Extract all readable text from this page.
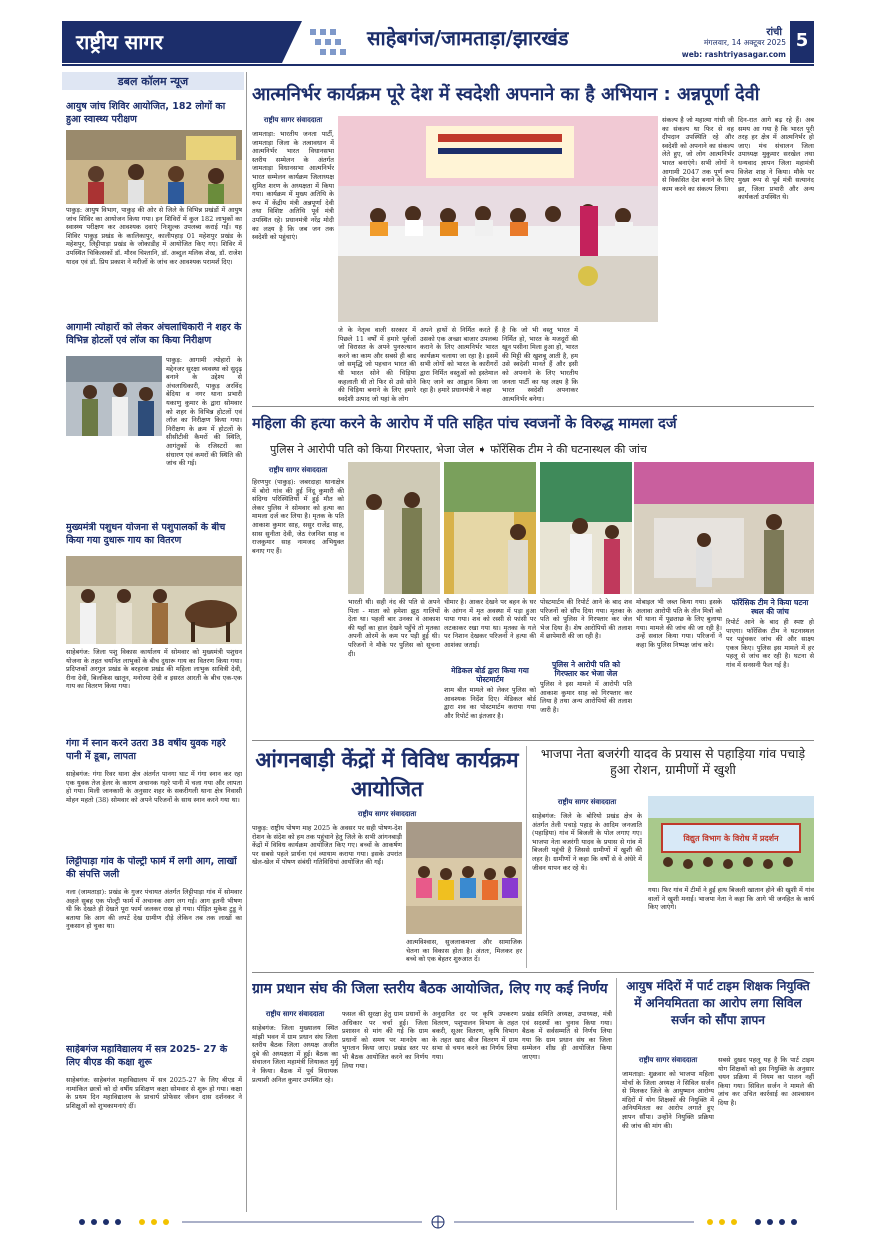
राष्ट्रीय सागर	साहेबगंज/जामताड़ा/झारखंड	रांची
मंगलवार, 14 अक्टूबर 2025
web: rashtriyasagar.com
5
डबल कॉलम न्यूज
आयुष जांच शिविर आयोजित, 182 लोगों का हुआ स्वास्थ्य परीक्षण
पाकुड़: आयुष विभाग, पाकुड़ की ओर से जिले के विभिन्न प्रखंडों में आयुष जांच शिविर का आयोजन किया गया। इन शिविरों में कुल 182 लाभुकों का स्वास्थ्य परीक्षण कर आवश्यक दवाएं निःशुल्क उपलब्ध कराई गईं। यह शिविर पाकुड़ प्रखंड के कालिकापुर, कालीपहाड़ 01 महेशपुर प्रखंड के महेशपुर, लिट्टीपाड़ा प्रखंड के जोकाडीह में आयोजित किए गए। शिविर में उपस्थित चिकित्सकों डॉ. मौरव चिश्तानि, डॉ. अब्दुल मलिक शेख, डॉ. राजेश यादव एवं डॉ. प्रिय प्रकाश ने मरीजों के जांच कर आवश्यक परामर्श दिए।
आगामी त्योहारों को लेकर अंचलाधिकारी ने शहर के विभिन्न होटलों एवं लॉज का किया निरीक्षण
पाकुड़: आगामी त्योहारों के मद्देनजर सुरक्षा व्यवस्था को सुदृढ़ बनाने के उद्देश्य से अंचलाधिकारी, पाकुड़ अरविंद बेदिया व नगर थाना प्रभारी यकाणु कुमार के द्वारा सोमवार को शहर के विभिन्न होटलों एवं लॉज का निरीक्षण किया गया। निरीक्षण के क्रम में होटलों के सीसीटीवी कैमरों की स्थिति, आगंतुकों के रजिस्टरों का संधारण एवं कमरों की स्थिति की जांच की गई।
मुख्यमंत्री पशुधन योजना से पशुपालकों के बीच किया गया दुधारू गाय का वितरण
साहेबगंज: जिला पशु विकास कार्यालय में सोमवार को मुख्यमंत्री पशुधन योजना के तहत चयनित लाभुकों के बीच दुधारू गाय का वितरण किया गया। प्रदिप्तकों अरगुल प्रखंड के बरहरवा प्रखंड की महिला लाभुक सावित्री देवी, रीना देवी, बिलकिस खातून, मनोरमा देवी व इसरत आरती के बीच एक-एक गाय का वितरण किया गया।
गंगा में स्नान करने उतरा 38 वर्षीय युवक गहरे पानी में डूबा, लापता
साहेबगंज: गंगा रिवर थाना क्षेत्र अंतर्गत पानगा घाट में गंगा स्नान कर रहा एक युवक तेज हेलर के कारण अचानक गहरे पानी में चला गया और लापता हो गया। मिली जानकारी के अनुसार शहर के सकरीगली थाना क्षेत्र निवासी मोहन महतो (38) सोमवार को अपने परिजनों के साथ स्नान करने गया था।
लिट्टीपाड़ा गांव के पोल्ट्री फार्म में लगी आग, लाखों की संपत्ति जली
नला (जामताड़ा): प्रखंड के गुजर पंचायत अंतर्गत लिट्टीपाड़ा गांव में सोमवार अहले सुबह एक पोल्ट्री फार्म में अचानक आग लग गई। आग इतनी भीषण थी कि देखते ही देखते पूरा फार्म जलकर राख हो गया। पीड़ित मुकेश टुडू ने बताया कि आग की लपटें देख ग्रामीण दौड़े लेकिन तब तक लाखों का नुकसान हो चुका था।
साहेबगंज महाविद्यालय में सत्र 2025- 27 के लिए बीएड की कक्षा शुरू
साहेबगंज: साहेबगंज महाविद्यालय में सत्र 2025-27 के लिए बीएड में नामांकित छात्रों को दो वर्षीय प्रशिक्षण कक्षा सोमवार से शुरू हो गया। कक्षा के प्रथम दिन महाविद्यालय के प्राचार्य प्रोफेसर जीवन दास दर्शनकर ने प्रशिक्षुओं को शुभकामनाएं दीं।
आत्मनिर्भर कार्यक्रम पूरे देश में स्वदेशी अपनाने का है अभियान : अन्नपूर्णा देवी
राष्ट्रीय सागर संवाददाता
जामताड़ा: भारतीय जनता पार्टी, जामताड़ा जिला के तत्वावधान में आत्मनिर्भर भारत विधानसभा स्तरीय सम्मेलन के अंतर्गत जामताड़ा विधानसभा आत्मनिर्भर भारत सम्मेलन कार्यक्रम जिलाध्यक्ष सुमित शरण के अध्यक्षता में किया गया। कार्यक्रम में मुख्य अतिथि के रूप में केंद्रीय मंत्री अन्नपूर्णा देवी तथा विशिष्ट अतिथि पूर्व मंत्री उपस्थित रहे। प्रधानमंत्री नरेंद्र मोदी का लक्ष्य है कि जब जन तक स्वदेशी को पहुंचाएं।
जे के नेतृत्व वाली सरकार में पिछले 11 वर्षों में हमारे पूर्वजों जो विरासत के अपने पुनरुत्थान करने का काम और सबसे ही बाद जो समृद्धि जो पहचान भारत की थी भारत सोने की चिड़िया कहलाती थी तो फिर से उसे सोने की चिड़िया बनाने के लिए हमारे स्वदेशी उत्पाद जो यहां के लोग
अपने हाथों से निर्मित करते हैं उसको एक अच्छा बाजार उपलब्ध कराने के लिए आत्मनिर्भर भारत कार्यक्रम चलाया जा रहा है। इसमें सभी लोगों को भारत के कारीगरों द्वारा निर्मित वस्तुओं को इस्तेमाल किए जाने का आह्वान किया जा रहा है। हमारे प्रधानमंत्री ने कहा
है कि जो भी वस्तु भारत में निर्मित हो, भारत के मजदूरों की खून पसीना मिला हुआ हो, भारत की मिट्टी की खुशबू आती है, हम उसे स्वदेशी मानते हैं और इसी को अपनाने के लिए भारतीय जनता पार्टी का यह लक्ष्य है कि भारत स्वदेशी अपनाकर आत्मनिर्भर बनेगा।
संकल्प है जो महात्मा गांधी जी का संकल्प था फिर से वह दीपदान उपस्थिति रहे और स्वदेशी को अपनाने का संकल्प लेते हुए, जो लोग आत्मनिर्भर भारत बनाएंगे। सभी लोगों ने आगामी 2047 तक पूर्ण रूप से विकसित देश बनाने के लिए काम करने का संकल्प लिया।
दिन-रात आगे बढ़ रहे हैं। अब समय आ गया है कि भारत पूरी तरह हर क्षेत्र में आत्मनिर्भर हो जाए। मंच संचालन जिला उपाध्यक्ष मुकुमार सरखेल तथा धन्यवाद ज्ञापन जिला महामंत्री विजेश शाह ने किया। मौके पर मुख्य रूप से पूर्व मंत्री सत्यानंद झा, जिला प्रभारी और अन्य कार्यकर्ता उपस्थित थे।
महिला की हत्या करने के आरोप में पति सहित पांच स्वजनों के विरुद्ध मामला दर्ज
पुलिस ने आरोपी पति को किया गिरफ्तार, भेजा जेल ➧ फॉरेंसिक टीम ने की घटनास्थल की जांच
राष्ट्रीय सागर संवाददाता
हिरणपुर (पाकुड़): जबरदाहा थानाक्षेत्र में बोरो गांव की हुई निंदू कुमारी की संदिग्ध परिस्थितियों में हुई मौत को लेकर पुलिस ने सोमवार को हत्या का मामला दर्ज कर लिया है। मृतक के पति आकाश कुमार साह, ससुर राजेंद्र साह, सास सुनीता देवी, जेठ रंजनिश साह व राजकुमार साह नामजद अभियुक्त बनाए गए हैं।
भारती थी। सही नंद की पति से अपने पिता - माता को हमेशा झूठ गालियों देता था। पहली बार उनका वे आकाश की यहाँ का हाल देखने पहुँचे तो मृतका अपनी ओरमें के कम पर पड़ी हुई थी। परिजनों ने मौके पर पुलिस को सूचना दी।
चीमार है। आकर देखने पर बहन के घर के आंगन में मृत अवस्था में पड़ा हुआ पाया गया। शव को रस्सी से फांसी पर लटकाकर रखा गया था। मृतका के गले पर निशान देखकर परिजनों ने हत्या की आशंका जताई।
मेडिकल बोर्ड द्वारा किया गया पोस्टमार्टम
शाम बीत मामले को लेकर पुलिस को आवश्यक निर्देश दिए। मेडिकल बोर्ड द्वारा शव का पोस्टमार्टम कराया गया और रिपोर्ट का इंतजार है।
पोस्टमार्टम की रिपोर्ट आने के बाद शव परिजनों को सौंप दिया गया। मृतका के पति को पुलिस ने गिरफ्तार कर जेल भेज दिया है। शेष आरोपियों की तलाश में छापेमारी की जा रही है।
पुलिस ने आरोपी पति को गिरफ्तार कर भेजा जेल
पुलिस ने इस मामले में आरोपी पति आकाश कुमार साह को गिरफ्तार कर लिया है तथा अन्य आरोपियों की तलाश जारी है।
मोबाइल भी जब्त किया गया। इसके अलावा आरोपी पति के तीन मित्रों को भी थाना में पूछताछ के लिए बुलाया गया। मामले की जांच की जा रही है। उन्हें सवाल किया गया। परिजनों ने कहा कि पुलिस निष्पक्ष जांच करे।
फॉरेंसिक टीम ने किया घटना स्थल की जांच
रिपोर्ट आने के बाद ही स्पष्ट हो पाएगा। फॉरेंसिक टीम ने घटनास्थल पर पहुंचकर जांच की और साक्ष्य एकत्र किए। पुलिस इस मामले में हर पहलू से जांच कर रही है। घटना से गांव में सनसनी फैल गई है।
आंगनबाड़ी केंद्रों में विविध कार्यक्रम आयोजित
राष्ट्रीय सागर संवाददाता
पाकुड़: राष्ट्रीय पोषण माह 2025 के अवसर पर सही पोषण-देश रोशन के संदेश को हम तक पहुंचाने हेतु जिले के सभी आंगनबाड़ी केंद्रों में विविध कार्यक्रम आयोजित किए गए। बच्चों के आकर्षण पर सबसे पहले प्रार्थना एवं व्यायाम कराया गया। इसके उपरांत खेल-खेल में पोषण संबंधी गतिविधियां आयोजित की गईं।
आत्मविश्वास, सुजलाकमत्ता और सामाजिक चेतना का विकास होता है। अंततः, मिलकर हर बच्चे को एक बेहतर शुरुआत दें।
भाजपा नेता बजरंगी यादव के प्रयास से पहाड़िया गांव पचाड़े हुआ रोशन, ग्रामीणों में खुशी
राष्ट्रीय सागर संवाददाता
साहेबगंज: जिले के बोरियो प्रखंड क्षेत्र के अंतर्गत तेली पचाड़े पहाड़ के आदिम जनजाति (पहाड़िया) गांव में बिजली के पोल लगाए गए। भाजपा नेता बजरंगी यादव के प्रयास से गांव में बिजली पहुंची है जिससे ग्रामीणों में खुशी की लहर है। ग्रामीणों ने कहा कि वर्षों से वे अंधेरे में जीवन यापन कर रहे थे।
विद्युत विभाग के विरोध में प्रदर्शन
गया। फिर गांव में टीमों ने हुई हाथ बिजली खातान होने की खुशी में गांव वालों ने खुशी मनाई। भाजपा नेता ने कहा कि आगे भी जनहित के कार्य किए जाएंगे।
ग्राम प्रधान संघ की जिला स्तरीय बैठक आयोजित, लिए गए कई निर्णय
राष्ट्रीय सागर संवाददाता
साहेबगंज: जिला मुख्यालय स्थित मांझी भवन में ग्राम प्रधान संघ जिला स्तरीय बैठक जिला अध्यक्ष अजीत दुबे की अध्यक्षता में हुई। बैठक का संचालन जिला महामंत्री लियाकत मुर्मू ने किया। बैठक में पूर्व विधायक प्रत्याशी अनिल कुमार उपस्थित रहे।
फसल की सुरक्षा हेतु ग्राम प्रधानों के अधिकार पर चर्चा हुई। जिला प्रशासन से मांग की गई कि ग्राम प्रधानों को समय पर मानदेय का भुगतान किया जाए। प्रखंड स्तर पर भी बैठक आयोजित करने का निर्णय लिया गया।
अनुदानित दर पर कृषि उपकरण वितरण, पशुपालन विभाग के तहत बकरी, सूअर वितरण, कृषि विभाग के तहत खाद बीज वितरण में ग्राम सभा से चयन करने का निर्णय लिया गया।
प्रखंड समिति अध्यक्ष, उपाध्यक्ष, मंत्री एवं सदस्यों का चुनाव किया गया। बैठक में सर्वसम्मति से निर्णय लिया गया कि ग्राम प्रधान संघ का जिला सम्मेलन शीघ्र ही आयोजित किया जाएगा।
आयुष मंदिरों में पार्ट टाइम शिक्षक नियुक्ति में अनियमितता का आरोप लगा सिविल सर्जन को सौंपा ज्ञापन
राष्ट्रीय सागर संवाददाता
जामताड़ा: शुक्रवार को भाजपा महिला मोर्चा के जिला अध्यक्ष ने सिविल सर्जन से मिलकर जिले के आयुष्मान आरोग्य मंदिरों में योग शिक्षकों की नियुक्ति में अनियमितता का आरोप लगाते हुए ज्ञापन सौंपा। उन्होंने नियुक्ति प्रक्रिया की जांच की मांग की।
सबसे दुखद पहलू यह है कि पार्ट टाइम योग शिक्षकों को इस नियुक्ति के अनुसार चयन प्रक्रिया में नियम का पालन नहीं किया गया। सिविल सर्जन ने मामले की जांच कर उचित कार्रवाई का आश्वासन दिया है।
